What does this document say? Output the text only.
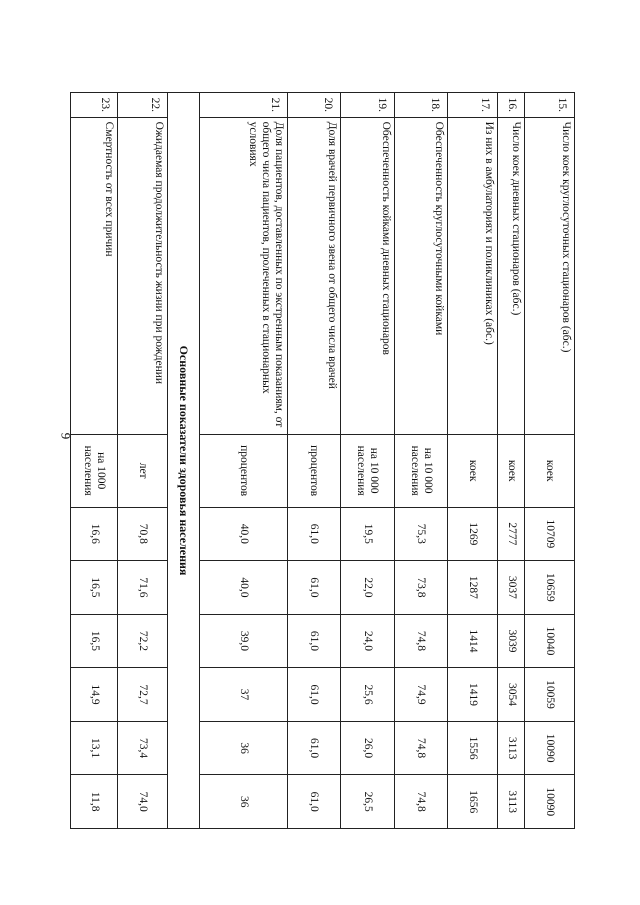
9
15.	Число коек круглосуточных стационаров (абс.)	коек	10709	10659	10040	10059	10090	10090
16.	Число коек дневных стационаров (абс.)	коек	2777	3037	3039	3054	3113	3113
17.	Из них в амбулаториях и поликлиниках (абс.)	коек	1269	1287	1414	1419	1556	1656
18.	Обеспеченность круглосуточными койками	на 10 000 населения	75,3	73,8	74,8	74,9	74,8	74,8
19.	Обеспеченность койками дневных стационаров	на 10 000 населения	19,5	22,0	24,0	25,6	26,0	26,5
20.	Доля врачей первичного звена от общего числа врачей	процентов	61,0	61,0	61,0	61,0	61,0	61,0
21.	Доля пациентов, доставленных по экстренным показаниям, от общего числа пациентов, пролеченных в стационарных условиях	процентов	40,0	40,0	39,0	37	36	36
Основные показатели здоровья населения								
22.	Ожидаемая продолжительность жизни при рождении	лет	70,8	71,6	72,2	72,7	73,4	74,0
23.	Смертность от всех причин	на 1000 населения	16,6	16,5	16,5	14,9	13,1	11,8
